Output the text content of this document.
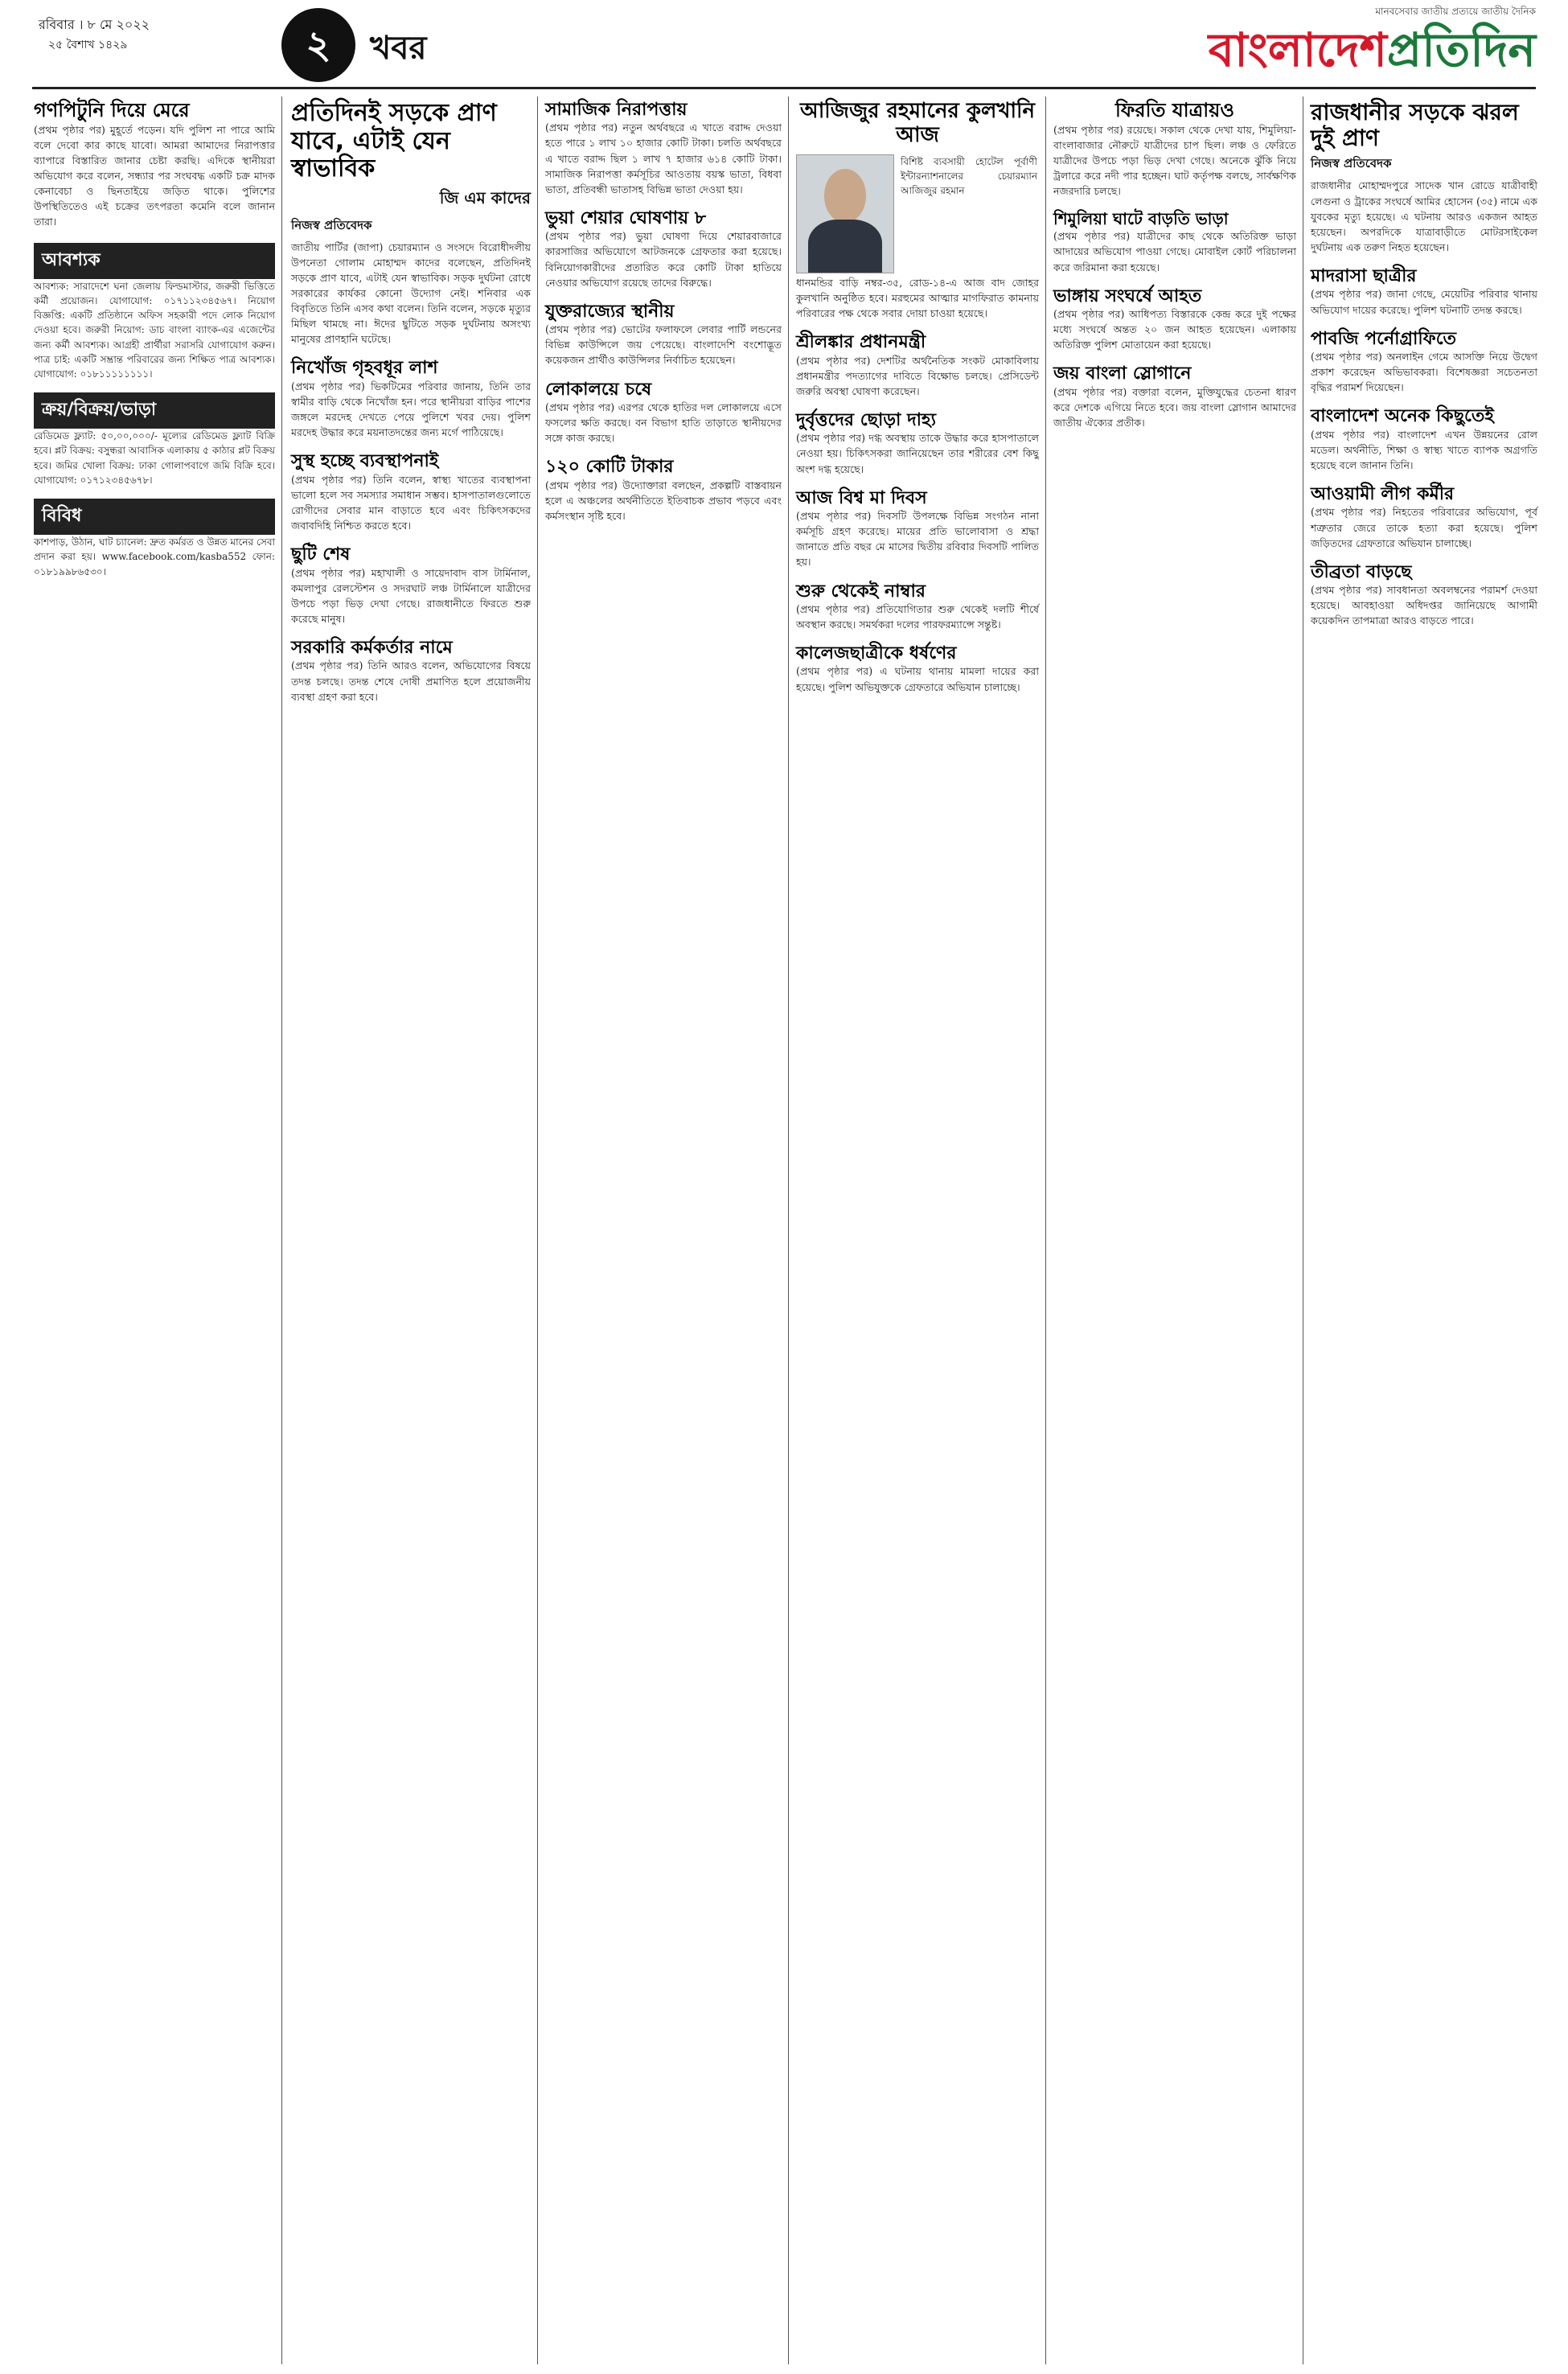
রবিবার । ৮ মে ২০২২
২৫ বৈশাখ ১৪২৯	২	খবর
মানবসেবার জাতীয় প্রত্যয়ে জাতীয় দৈনিক
বাংলাদেশপ্রতিদিন
গণপিটুনি দিয়ে মেরে

(প্রথম পৃষ্ঠার পর) মুহূর্তে পড়েন। যদি পুলিশ না পারে আমি বলে দেবো কার কাছে যাবো। আমরা আমাদের নিরাপত্তার ব্যাপারে বিস্তারিত জানার চেষ্টা করছি। এদিকে স্থানীয়রা অভিযোগ করে বলেন, সন্ধ্যার পর সংঘবদ্ধ একটি চক্র মাদক কেনাবেচা ও ছিনতাইয়ে জড়িত থাকে। পুলিশের উপস্থিতিতেও এই চক্রের তৎপরতা কমেনি বলে জানান তারা।

আবশ্যক

আবশ্যক: সারাদেশে ঘনা জেলায় ফিল্ডমাস্টার, জরুরী ভিত্তিতে কর্মী প্রয়োজন। যোগাযোগ: ০১৭১১২৩৪৫৬৭। নিয়োগ বিজ্ঞপ্তি: একটি প্রতিষ্ঠানে অফিস সহকারী পদে লোক নিয়োগ দেওয়া হবে। জরুরী নিয়োগ: ডাচ বাংলা ব্যাংক-এর এজেন্টের জন্য কর্মী আবশ্যক। আগ্রহী প্রার্থীরা সরাসরি যোগাযোগ করুন। পাত্র চাই: একটি সম্ভ্রান্ত পরিবারের জন্য শিক্ষিত পাত্র আবশ্যক। যোগাযোগ: ০১৮১১১১১১১১।

ক্রয়/বিক্রয়/ভাড়া

রেডিমেড ফ্ল্যাট: ৫০,০০,০০০/- মূল্যের রেডিমেড ফ্ল্যাট বিক্রি হবে। প্লট বিক্রয়: বসুন্ধরা আবাসিক এলাকায় ৫ কাঠার প্লট বিক্রয় হবে। জমির খোলা বিক্রয়: ঢাকা গোলাপবাগে জমি বিক্রি হবে। যোগাযোগ: ০১৭১২৩৪৫৬৭৮।

বিবিধ

কাশপাড়, উঠান, ঘাট চ্যানেল: দ্রুত কর্মরত ও উন্নত মানের সেবা প্রদান করা হয়। www.facebook.com/kasba552 ফোন: ০১৮১৯৯৮৬৫৩০।

প্রতিদিনই সড়কে প্রাণ যাবে, এটাই যেন স্বাভাবিক
জি এম কাদের
নিজস্ব প্রতিবেদক

জাতীয় পার্টির (জাপা) চেয়ারম্যান ও সংসদে বিরোধীদলীয় উপনেতা গোলাম মোহাম্মদ কাদের বলেছেন, প্রতিদিনই সড়কে প্রাণ যাবে, এটাই যেন স্বাভাবিক। সড়ক দুর্ঘটনা রোধে সরকারের কার্যকর কোনো উদ্যোগ নেই। শনিবার এক বিবৃতিতে তিনি এসব কথা বলেন। তিনি বলেন, সড়কে মৃত্যুর মিছিল থামছে না। ঈদের ছুটিতে সড়ক দুর্ঘটনায় অসংখ্য মানুষের প্রাণহানি ঘটেছে।

নিখোঁজ গৃহবধূর লাশ

(প্রথম পৃষ্ঠার পর) ভিকটিমের পরিবার জানায়, তিনি তার স্বামীর বাড়ি থেকে নিখোঁজ হন। পরে স্থানীয়রা বাড়ির পাশের জঙ্গলে মরদেহ দেখতে পেয়ে পুলিশে খবর দেয়। পুলিশ মরদেহ উদ্ধার করে ময়নাতদন্তের জন্য মর্গে পাঠিয়েছে।

সুস্থ হচ্ছে ব্যবস্থাপনাই

(প্রথম পৃষ্ঠার পর) তিনি বলেন, স্বাস্থ্য খাতের ব্যবস্থাপনা ভালো হলে সব সমস্যার সমাধান সম্ভব। হাসপাতালগুলোতে রোগীদের সেবার মান বাড়াতে হবে এবং চিকিৎসকদের জবাবদিহি নিশ্চিত করতে হবে।

ছুটি শেষ

(প্রথম পৃষ্ঠার পর) মহাখালী ও সায়েদাবাদ বাস টার্মিনাল, কমলাপুর রেলস্টেশন ও সদরঘাট লঞ্চ টার্মিনালে যাত্রীদের উপচে পড়া ভিড় দেখা গেছে। রাজধানীতে ফিরতে শুরু করেছে মানুষ।

সরকারি কর্মকর্তার নামে

(প্রথম পৃষ্ঠার পর) তিনি আরও বলেন, অভিযোগের বিষয়ে তদন্ত চলছে। তদন্ত শেষে দোষী প্রমাণিত হলে প্রয়োজনীয় ব্যবস্থা গ্রহণ করা হবে।

সামাজিক নিরাপত্তায়

(প্রথম পৃষ্ঠার পর) নতুন অর্থবছরে এ খাতে বরাদ্দ দেওয়া হতে পারে ১ লাখ ১০ হাজার কোটি টাকা। চলতি অর্থবছরে এ খাতে বরাদ্দ ছিল ১ লাখ ৭ হাজার ৬১৪ কোটি টাকা। সামাজিক নিরাপত্তা কর্মসূচির আওতায় বয়স্ক ভাতা, বিধবা ভাতা, প্রতিবন্ধী ভাতাসহ বিভিন্ন ভাতা দেওয়া হয়।

ভুয়া শেয়ার ঘোষণায় ৮

(প্রথম পৃষ্ঠার পর) ভুয়া ঘোষণা দিয়ে শেয়ারবাজারে কারসাজির অভিযোগে আটজনকে গ্রেফতার করা হয়েছে। বিনিয়োগকারীদের প্রতারিত করে কোটি টাকা হাতিয়ে নেওয়ার অভিযোগ রয়েছে তাদের বিরুদ্ধে।

যুক্তরাজ্যের স্থানীয়

(প্রথম পৃষ্ঠার পর) ভোটের ফলাফলে লেবার পার্টি লন্ডনের বিভিন্ন কাউন্সিলে জয় পেয়েছে। বাংলাদেশি বংশোদ্ভূত কয়েকজন প্রার্থীও কাউন্সিলর নির্বাচিত হয়েছেন।

লোকালয়ে চষে

(প্রথম পৃষ্ঠার পর) এরপর থেকে হাতির দল লোকালয়ে এসে ফসলের ক্ষতি করছে। বন বিভাগ হাতি তাড়াতে স্থানীয়দের সঙ্গে কাজ করছে।

১২০ কোটি টাকার

(প্রথম পৃষ্ঠার পর) উদ্যোক্তারা বলছেন, প্রকল্পটি বাস্তবায়ন হলে এ অঞ্চলের অর্থনীতিতে ইতিবাচক প্রভাব পড়বে এবং কর্মসংস্থান সৃষ্টি হবে।

আজিজুর রহমানের কুলখানি আজ

বিশিষ্ট ব্যবসায়ী হোটেল পূর্বাণী ইন্টারন্যাশনালের চেয়ারম্যান আজিজুর রহমান

ধানমন্ডির বাড়ি নম্বর-৩৫, রোড-১৪-এ আজ বাদ জোহর কুলখানি অনুষ্ঠিত হবে। মরহুমের আত্মার মাগফিরাত কামনায় পরিবারের পক্ষ থেকে সবার দোয়া চাওয়া হয়েছে।

শ্রীলঙ্কার প্রধানমন্ত্রী

(প্রথম পৃষ্ঠার পর) দেশটির অর্থনৈতিক সংকট মোকাবিলায় প্রধানমন্ত্রীর পদত্যাগের দাবিতে বিক্ষোভ চলছে। প্রেসিডেন্ট জরুরি অবস্থা ঘোষণা করেছেন।

দুর্বৃত্তদের ছোড়া দাহ্য

(প্রথম পৃষ্ঠার পর) দগ্ধ অবস্থায় তাকে উদ্ধার করে হাসপাতালে নেওয়া হয়। চিকিৎসকরা জানিয়েছেন তার শরীরের বেশ কিছু অংশ দগ্ধ হয়েছে।

আজ বিশ্ব মা দিবস

(প্রথম পৃষ্ঠার পর) দিবসটি উপলক্ষে বিভিন্ন সংগঠন নানা কর্মসূচি গ্রহণ করেছে। মায়ের প্রতি ভালোবাসা ও শ্রদ্ধা জানাতে প্রতি বছর মে মাসের দ্বিতীয় রবিবার দিবসটি পালিত হয়।

শুরু থেকেই নাম্বার

(প্রথম পৃষ্ঠার পর) প্রতিযোগিতার শুরু থেকেই দলটি শীর্ষে অবস্থান করছে। সমর্থকরা দলের পারফরম্যান্সে সন্তুষ্ট।

কালেজছাত্রীকে ধর্ষণের

(প্রথম পৃষ্ঠার পর) এ ঘটনায় থানায় মামলা দায়ের করা হয়েছে। পুলিশ অভিযুক্তকে গ্রেফতারে অভিযান চালাচ্ছে।

ফিরতি যাত্রায়ও

(প্রথম পৃষ্ঠার পর) রয়েছে। সকাল থেকে দেখা যায়, শিমুলিয়া-বাংলাবাজার নৌরুটে যাত্রীদের চাপ ছিল। লঞ্চ ও ফেরিতে যাত্রীদের উপচে পড়া ভিড় দেখা গেছে। অনেকে ঝুঁকি নিয়ে ট্রলারে করে নদী পার হচ্ছেন। ঘাট কর্তৃপক্ষ বলছে, সার্বক্ষণিক নজরদারি চলছে।

শিমুলিয়া ঘাটে বাড়তি ভাড়া

(প্রথম পৃষ্ঠার পর) যাত্রীদের কাছ থেকে অতিরিক্ত ভাড়া আদায়ের অভিযোগ পাওয়া গেছে। মোবাইল কোর্ট পরিচালনা করে জরিমানা করা হয়েছে।

ভাঙ্গায় সংঘর্ষে আহত

(প্রথম পৃষ্ঠার পর) আধিপত্য বিস্তারকে কেন্দ্র করে দুই পক্ষের মধ্যে সংঘর্ষে অন্তত ২০ জন আহত হয়েছেন। এলাকায় অতিরিক্ত পুলিশ মোতায়েন করা হয়েছে।

জয় বাংলা স্লোগানে

(প্রথম পৃষ্ঠার পর) বক্তারা বলেন, মুক্তিযুদ্ধের চেতনা ধারণ করে দেশকে এগিয়ে নিতে হবে। জয় বাংলা স্লোগান আমাদের জাতীয় ঐক্যের প্রতীক।

রাজধানীর সড়কে ঝরল দুই প্রাণ
নিজস্ব প্রতিবেদক

রাজধানীর মোহাম্মদপুরে সাদেক খান রোডে যাত্রীবাহী লেগুনা ও ট্রাকের সংঘর্ষে আমির হোসেন (৩৫) নামে এক যুবকের মৃত্যু হয়েছে। এ ঘটনায় আরও একজন আহত হয়েছেন। অপরদিকে যাত্রাবাড়ীতে মোটরসাইকেল দুর্ঘটনায় এক তরুণ নিহত হয়েছেন।

মাদরাসা ছাত্রীর

(প্রথম পৃষ্ঠার পর) জানা গেছে, মেয়েটির পরিবার থানায় অভিযোগ দায়ের করেছে। পুলিশ ঘটনাটি তদন্ত করছে।

পাবজি পর্নোগ্রাফিতে

(প্রথম পৃষ্ঠার পর) অনলাইন গেমে আসক্তি নিয়ে উদ্বেগ প্রকাশ করেছেন অভিভাবকরা। বিশেষজ্ঞরা সচেতনতা বৃদ্ধির পরামর্শ দিয়েছেন।

বাংলাদেশ অনেক কিছুতেই

(প্রথম পৃষ্ঠার পর) বাংলাদেশ এখন উন্নয়নের রোল মডেল। অর্থনীতি, শিক্ষা ও স্বাস্থ্য খাতে ব্যাপক অগ্রগতি হয়েছে বলে জানান তিনি।

আওয়ামী লীগ কর্মীর

(প্রথম পৃষ্ঠার পর) নিহতের পরিবারের অভিযোগ, পূর্ব শত্রুতার জেরে তাকে হত্যা করা হয়েছে। পুলিশ জড়িতদের গ্রেফতারে অভিযান চালাচ্ছে।

তীব্রতা বাড়ছে

(প্রথম পৃষ্ঠার পর) সাবধানতা অবলম্বনের পরামর্শ দেওয়া হয়েছে। আবহাওয়া অধিদপ্তর জানিয়েছে আগামী কয়েকদিন তাপমাত্রা আরও বাড়তে পারে।
